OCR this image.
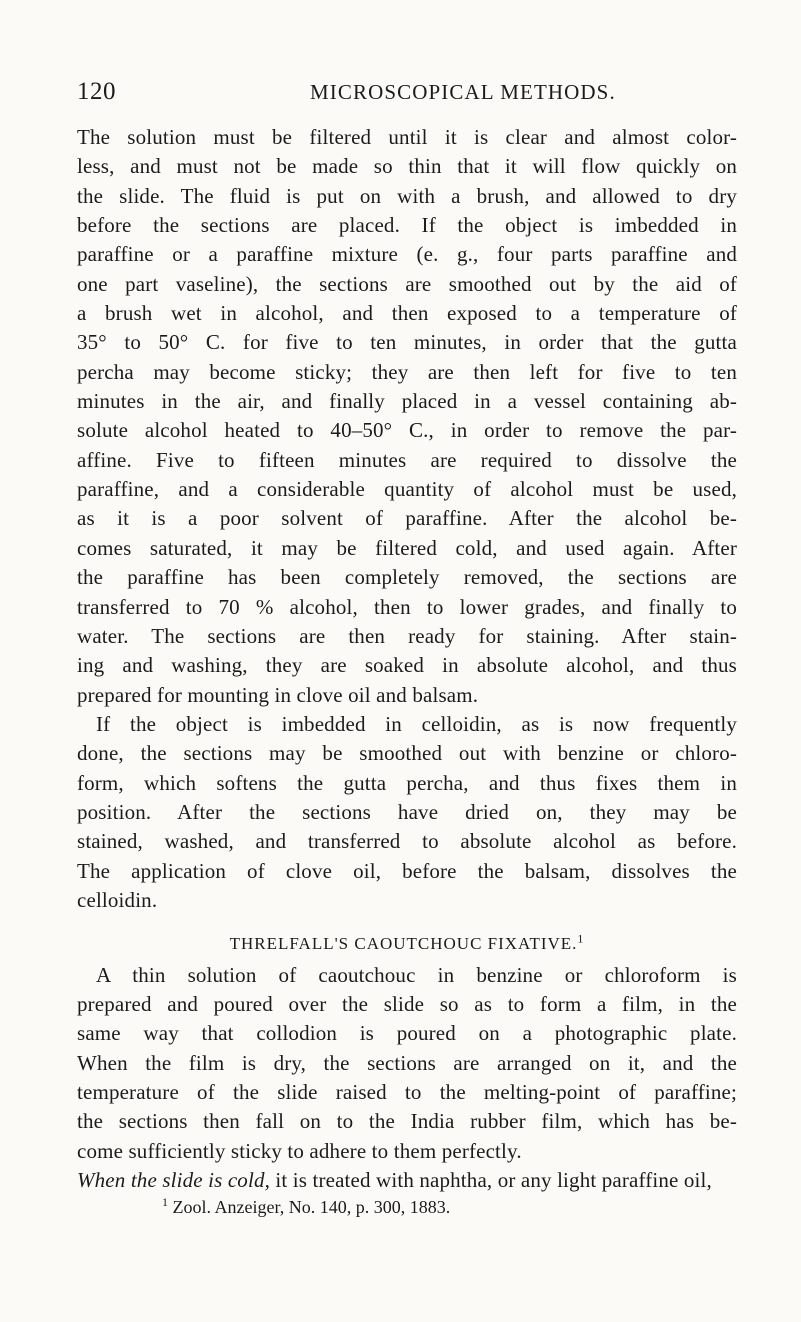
120	MICROSCOPICAL METHODS.
The solution must be filtered until it is clear and almost color-
less, and must not be made so thin that it will flow quickly on
the slide. The fluid is put on with a brush, and allowed to dry
before the sections are placed. If the object is imbedded in
paraffine or a paraffine mixture (e. g., four parts paraffine and
one part vaseline), the sections are smoothed out by the aid of
a brush wet in alcohol, and then exposed to a temperature of
35° to 50° C. for five to ten minutes, in order that the gutta
percha may become sticky; they are then left for five to ten
minutes in the air, and finally placed in a vessel containing ab-
solute alcohol heated to 40–50° C., in order to remove the par-
affine. Five to fifteen minutes are required to dissolve the
paraffine, and a considerable quantity of alcohol must be used,
as it is a poor solvent of paraffine. After the alcohol be-
comes saturated, it may be filtered cold, and used again. After
the paraffine has been completely removed, the sections are
transferred to 70 % alcohol, then to lower grades, and finally to
water. The sections are then ready for staining. After stain-
ing and washing, they are soaked in absolute alcohol, and thus
prepared for mounting in clove oil and balsam.
If the object is imbedded in celloidin, as is now frequently
done, the sections may be smoothed out with benzine or chloro-
form, which softens the gutta percha, and thus fixes them in
position. After the sections have dried on, they may be
stained, washed, and transferred to absolute alcohol as before.
The application of clove oil, before the balsam, dissolves the
celloidin.
THRELFALL'S CAOUTCHOUC FIXATIVE.$^1$
A thin solution of caoutchouc in benzine or chloroform is
prepared and poured over the slide so as to form a film, in the
same way that collodion is poured on a photographic plate.
When the film is dry, the sections are arranged on it, and the
temperature of the slide raised to the melting-point of paraffine;
the sections then fall on to the India rubber film, which has be-
come sufficiently sticky to adhere to them perfectly.
When the slide is cold, it is treated with naphtha, or any light paraffine oil,
$^1$ Zool. Anzeiger, No. 140, p. 300, 1883.
